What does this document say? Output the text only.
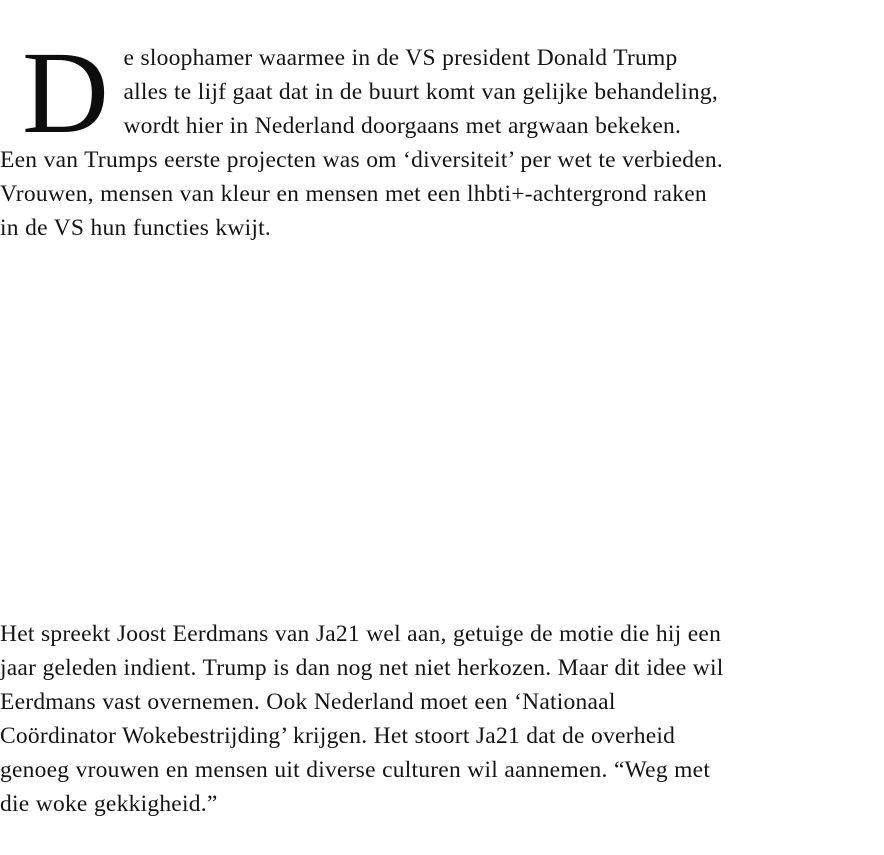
De sloophamer waarmee in de VS president Donald Trump alles te lijf gaat dat in de buurt komt van gelijke behandeling, wordt hier in Nederland doorgaans met argwaan bekeken. Een van Trumps eerste projecten was om ‘diversiteit’ per wet te verbieden. Vrouwen, mensen van kleur en mensen met een lhbti+-achtergrond raken in de VS hun functies kwijt.

Het spreekt Joost Eerdmans van Ja21 wel aan, getuige de motie die hij een jaar geleden indient. Trump is dan nog net niet herkozen. Maar dit idee wil Eerdmans vast overnemen. Ook Nederland moet een ‘Nationaal Coördinator Wokebestrijding’ krijgen. Het stoort Ja21 dat de overheid genoeg vrouwen en mensen uit diverse culturen wil aannemen. “Weg met die woke gekkigheid.”
